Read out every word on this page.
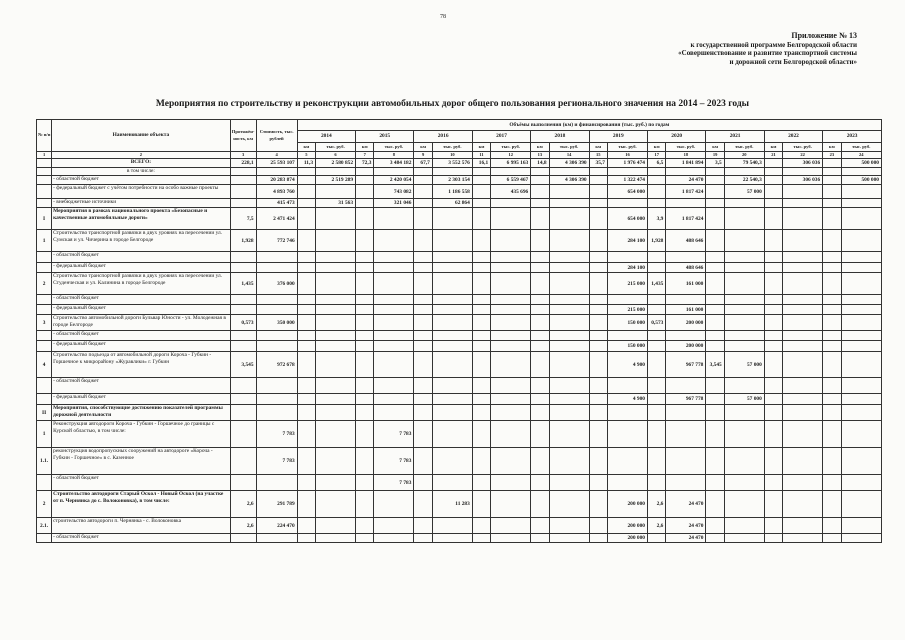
78
Приложение № 13
к государственной программе Белгородской области
«Совершенствование и развитие транспортной системы
и дорожной сети Белгородской области»
Мероприятия по строительству и реконструкции автомобильных дорог общего пользования регионального значения на 2014 – 2023 годы
№ п/п	Наименование объекта	Протяжён-ность, км	Стоимость, тыс. рублей	Объёмы выполнения (км) и финансирования (тыс. руб.) по годам																			
				2014		2015		2016		2017		2018		2019		2020		2021		2022		2023	
				км	тыс. руб.	км	тыс. руб.	км	тыс. руб.	км	тыс. руб.	км	тыс. руб.	км	тыс. руб.	км	тыс. руб.	км	тыс. руб.	км	тыс. руб.	км	тыс. руб.
1	2	3	4	5	6	7	8	9	10	11	12	13	14	15	16	17	18	19	20	21	22	23	24
	ВСЕГО:	228,1	25 593 107	11,3	2 580 852	72,3	3 484 182	67,7	3 552 576	16,1	6 995 163	14,8	4 306 390	35,7	1 976 474	6,5	1 841 894	3,5	79 540,3		306 036		500 000
	в том числе:																						
	- областной бюджет		20 283 874		2 519 289		2 420 054		2 303 154		6 559 467		4 306 390		1 322 474		24 470		22 540,3		306 036		500 000
	- федеральный бюджет с учётом потребности на особо важные проекты		4 893 760				743 082		1 186 558		435 696				654 000		1 817 424		57 000				
	- внебюджетные источники		415 473		31 563		321 046		62 864														
I	Мероприятия в рамках национального проекта «Безопасные и качественные автомобильные дороги»	7,5	2 471 424												654 000	3,9	1 817 424						
1	Строительство транспортной развязки в двух уровнях на пересечении ул. Сумская и ул. Чичерина в городе Белгороде	1,928	772 746												284 100	1,928	488 646						
	- областной бюджет																						
	- федеральный бюджет														284 100		488 646						
2	Строительство транспортной развязки в двух уровнях на пересечении ул. Студенческая и ул. Калинина в городе Белгороде	1,435	376 000												215 000	1,435	161 000						
	- областной бюджет																						
	- федеральный бюджет														215 000		161 000						
3	Строительство автомобильной дороги Бульвар Юности - ул. Молодежная в городе Белгороде	0,573	350 000												150 000	0,573	200 000						
	- областной бюджет																						
	- федеральный бюджет														150 000		200 000						
4	Строительство подъезда от автомобильной дороги Короча - Губкин - Горшечное к микрорайону «Журавлики» г. Губкин	3,545	972 678												4 900		967 778	3,545	57 000				
	- областной бюджет																						
	- федеральный бюджет														4 900		967 778		57 000				
II	Мероприятия, способствующие достижению показателей программы дорожной деятельности																						
1	Реконструкция автодороги Короча - Губкин - Горшечное до границы с Курской областью, в том числе:		7 783				7 783																
1.1.	реконструкция водопропускных сооружений на автодороге «Короча - Губкин - Горшечное» в с. Казенное		7 783				7 783																
	- областной бюджет						7 783																
2	Строительство автодороги Старый Оскол - Новый Оскол (на участке от п. Чернянка до с. Волоконовка), в том числе:	2,6	291 789						11 283						200 000	2,6	24 470						
2.1.	строительство автодороги п. Чернянка - с. Волоконовка	2,6	224 470												200 000	2,6	24 470						
	- областной бюджет														200 000		24 470						
